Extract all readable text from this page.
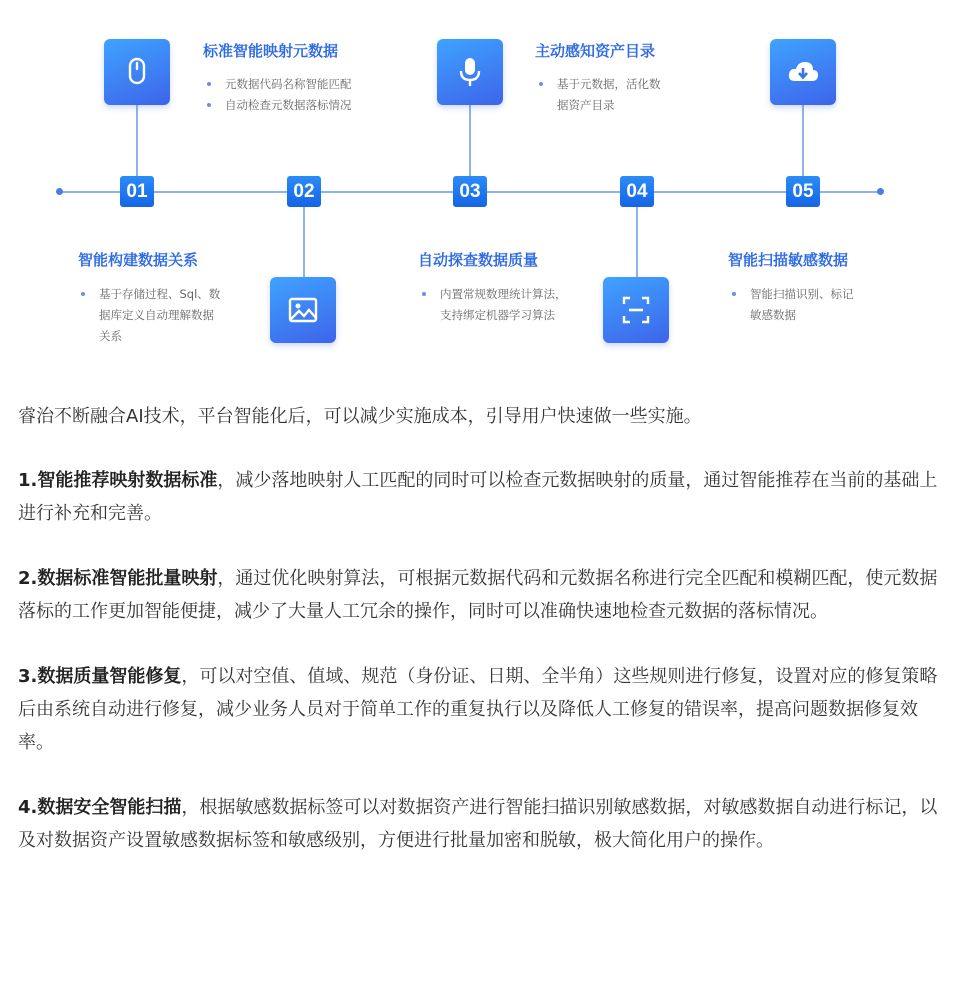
01	02	03	04	05
标准智能映射元数据
元数据代码名称智能匹配
自动检查元数据落标情况
主动感知资产目录
基于元数据，活化数
据资产目录
智能构建数据关系
基于存储过程、Sql、数
据库定义自动理解数据
关系
自动探查数据质量
内置常规数理统计算法，
支持绑定机器学习算法
智能扫描敏感数据
智能扫描识别、标记
敏感数据

睿治不断融合AI技术，平台智能化后，可以减少实施成本，引导用户快速做一些实施。

1.智能推荐映射数据标准，减少落地映射人工匹配的同时可以检查元数据映射的质量，通过智能推荐在当前的基础上进行补充和完善。

2.数据标准智能批量映射，通过优化映射算法，可根据元数据代码和元数据名称进行完全匹配和模糊匹配，使元数据落标的工作更加智能便捷，减少了大量人工冗余的操作，同时可以准确快速地检查元数据的落标情况。

3.数据质量智能修复，可以对空值、值域、规范（身份证、日期、全半角）这些规则进行修复，设置对应的修复策略后由系统自动进行修复，减少业务人员对于简单工作的重复执行以及降低人工修复的错误率，提高问题数据修复效率。

4.数据安全智能扫描，根据敏感数据标签可以对数据资产进行智能扫描识别敏感数据，对敏感数据自动进行标记，以及对数据资产设置敏感数据标签和敏感级别，方便进行批量加密和脱敏，极大简化用户的操作。
